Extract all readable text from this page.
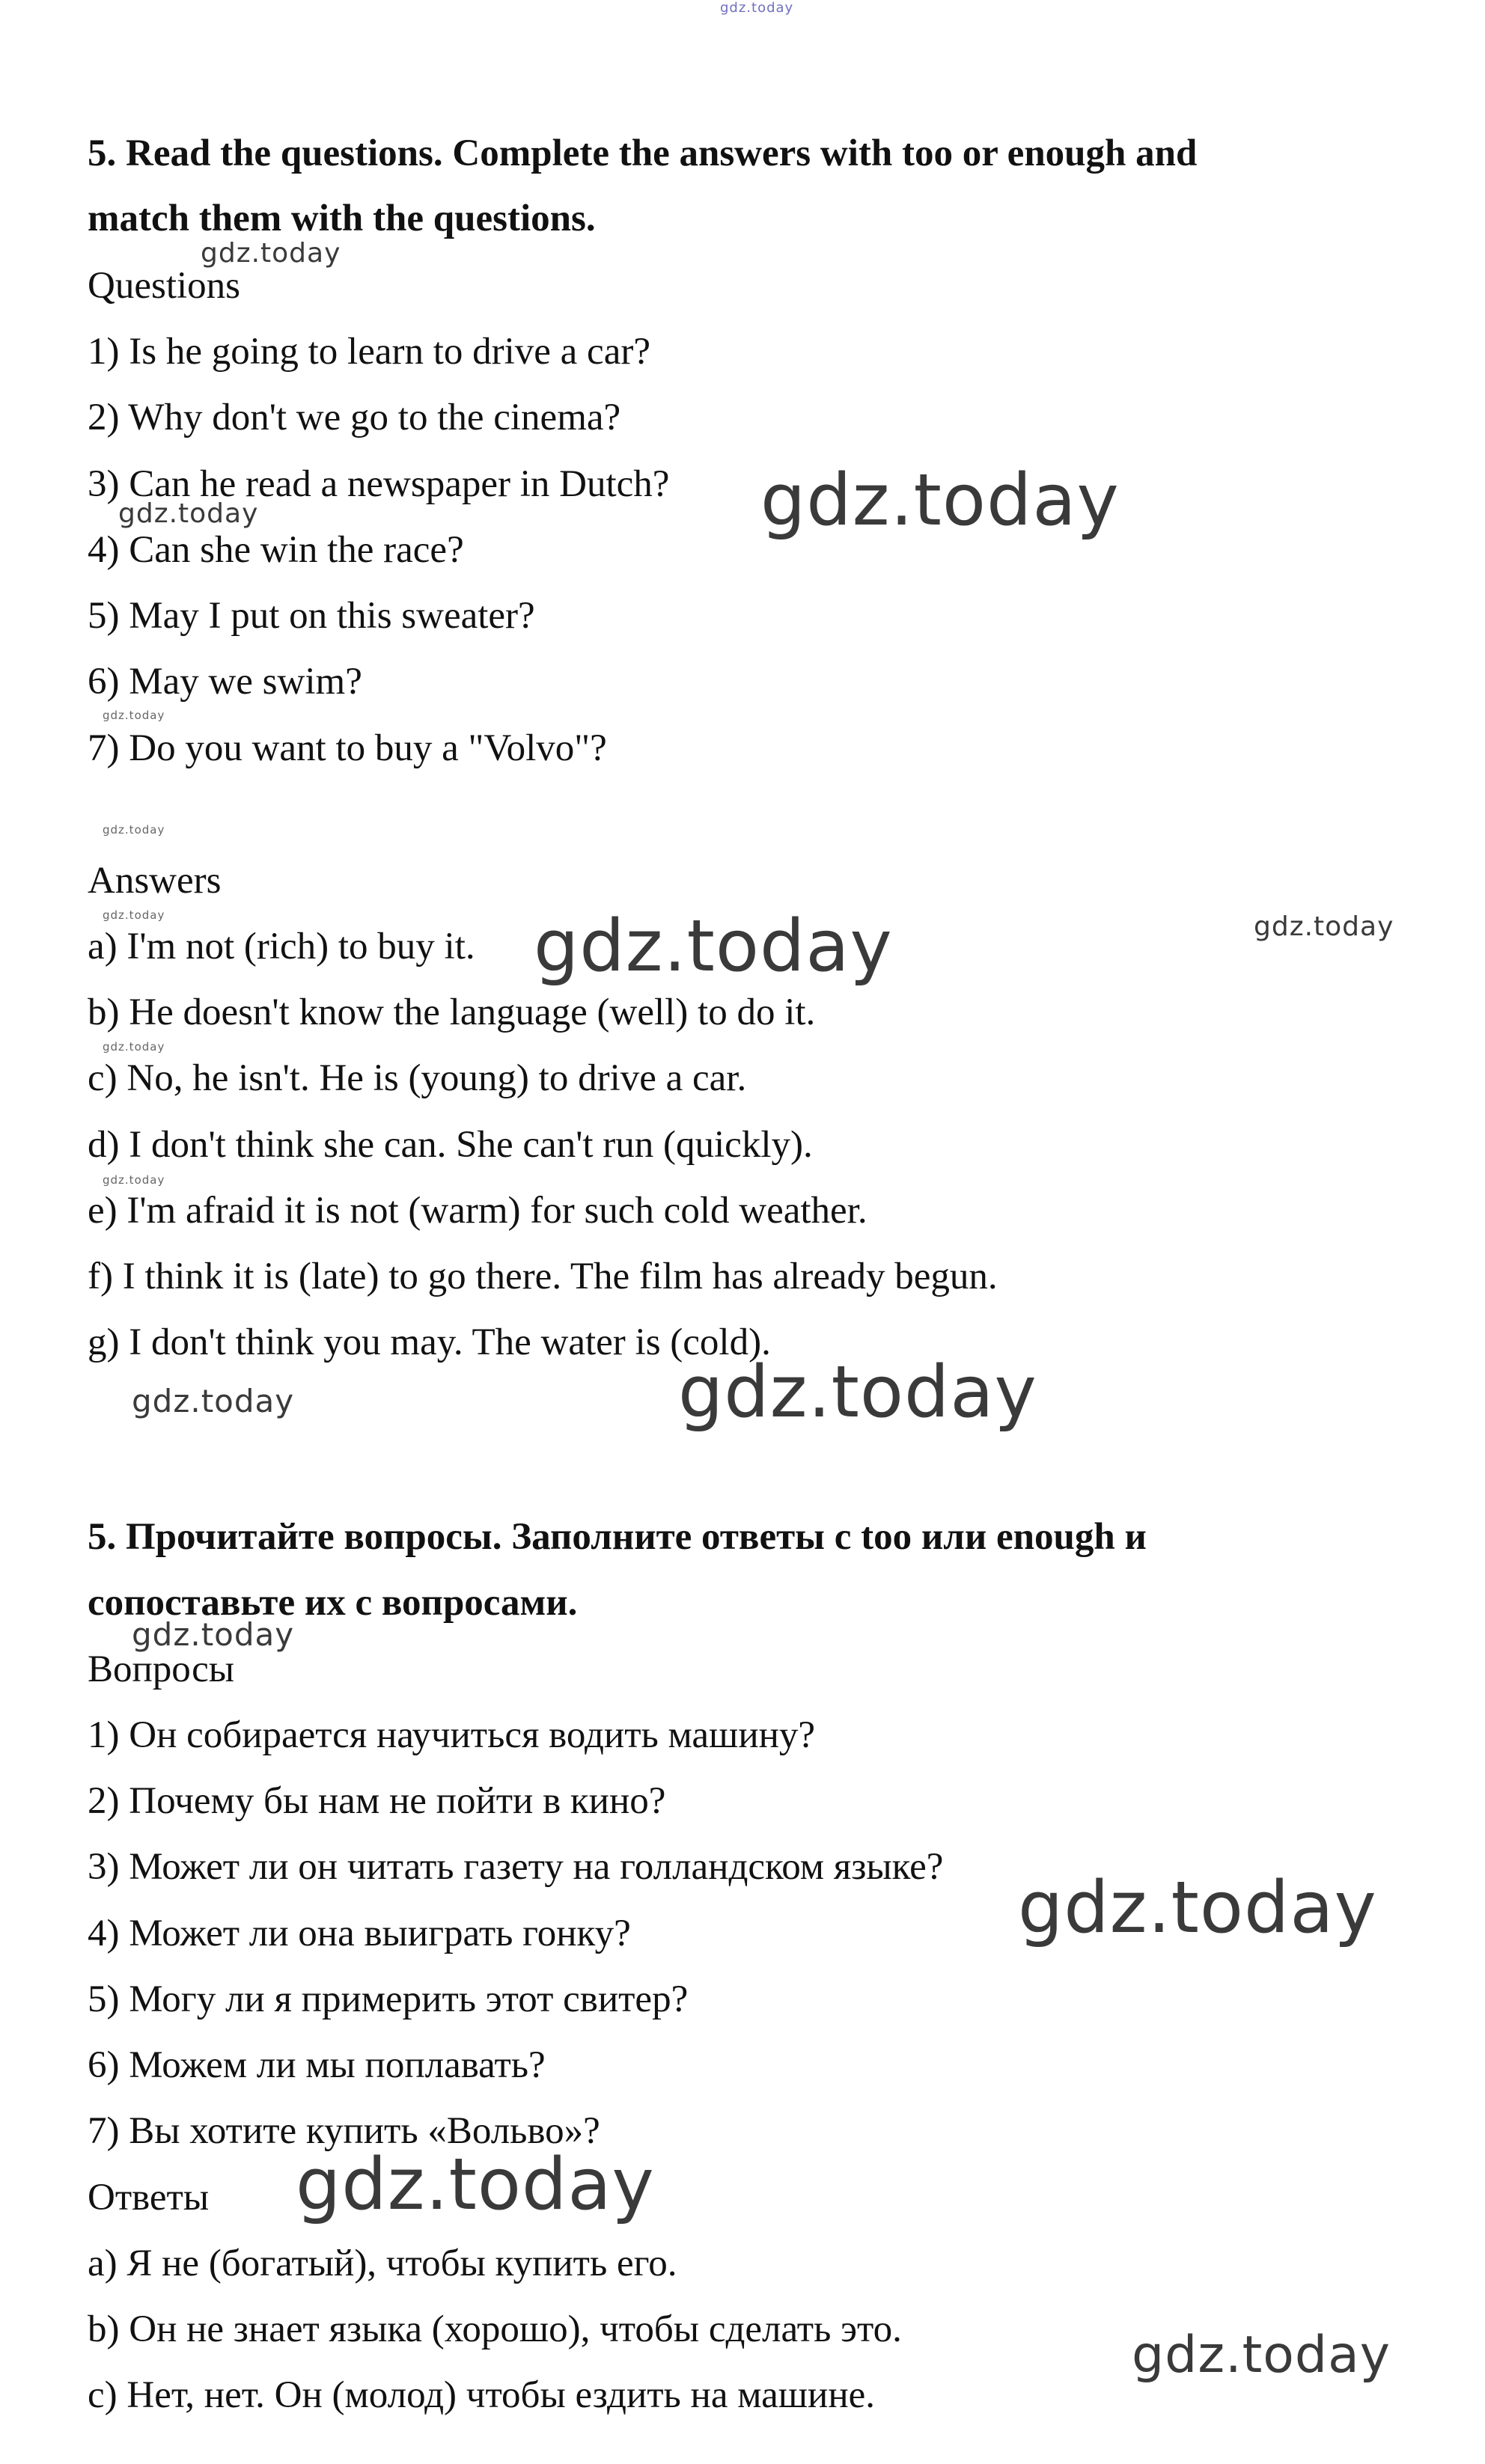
gdz.today
5. Read the questions. Complete the answers with too or enough and
match them with the questions.
Questions
1) Is he going to learn to drive a car?
2) Why don't we go to the cinema?
3) Can he read a newspaper in Dutch?
4) Can she win the race?
5) May I put on this sweater?
6) May we swim?
7) Do you want to buy a "Volvo"?
Answers
a) I'm not (rich) to buy it.
b) He doesn't know the language (well) to do it.
c) No, he isn't. He is (young) to drive a car.
d) I don't think she can. She can't run (quickly).
e) I'm afraid it is not (warm) for such cold weather.
f) I think it is (late) to go there. The film has already begun.
g) I don't think you may. The water is (cold).
5. Прочитайте вопросы. Заполните ответы с too или enough и
сопоставьте их с вопросами.
Вопросы
1) Он собирается научиться водить машину?
2) Почему бы нам не пойти в кино?
3) Может ли он читать газету на голландском языке?
4) Может ли она выиграть гонку?
5) Могу ли я примерить этот свитер?
6) Можем ли мы поплавать?
7) Вы хотите купить «Вольво»?
Ответы
a) Я не (богатый), чтобы купить его.
b) Он не знает языка (хорошо), чтобы сделать это.
c) Нет, нет. Он (молод) чтобы ездить на машине.
gdz.today
gdz.today	gdz.today
gdz.today
gdz.today
gdz.today	gdz.today	gdz.today
gdz.today
gdz.today
gdz.today	gdz.today
gdz.today
gdz.today
gdz.today
gdz.today
